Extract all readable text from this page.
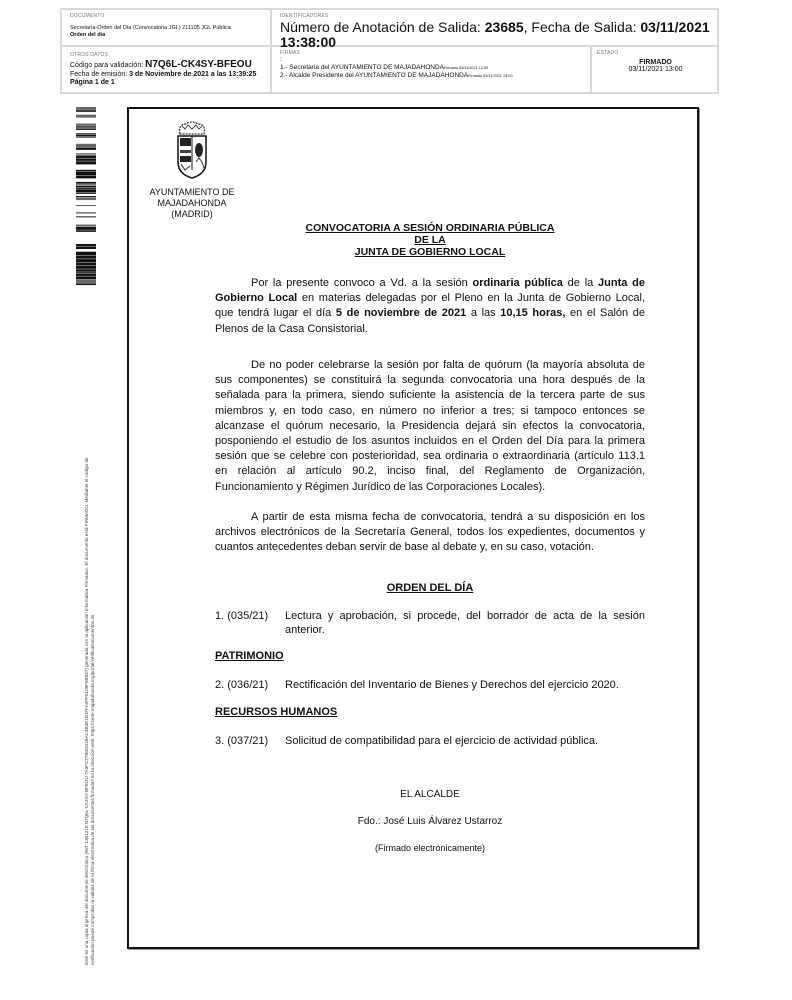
DOCUMENTO
Secretaría-Orden del Día (Convocatoria JGL) 211105 JGL Pública
Orden del día
IDENTIFICADORES
Número de Anotación de Salida: 23685, Fecha de Salida: 03/11/2021
13:38:00
OTROS DATOS
Código para validación: N7Q6L-CK4SY-BFEOU
Fecha de emisión: 3 de Noviembre de 2021 a las 13:39:25
Página 1 de 1
FIRMAS
:
1.- Secretaria del AYUNTAMIENTO DE MAJADAHONDAFirmado 03/11/2021 12:59
2.- Alcalde Presidente del AYUNTAMIENTO DE MAJADAHONDAFirmado 03/11/2021 13:00
ESTADO
FIRMADO
03/11/2021 13:00
Este es una copia impresa del documento electrónico (Ref: 1361215 N7Q6L-CK4SY-BFEOU 7A9FC77B0D31BAC4B3E1B1FFA4FF6109F6B837) generada con la aplicación informática Firmadoc. El documento está FIRMADO. Mediante el código de verificación puede comprobar la validez de la firma electrónica de los documentos firmados en la dirección web: https://sede.majadahonda.org/portal/verificaDocumentos.do
AYUNTAMIENTO DE
MAJADAHONDA
(MADRID)
CONVOCATORIA A SESIÓN ORDINARIA PÚBLICA
DE LA
JUNTA DE GOBIERNO LOCAL
Por la presente convoco a Vd. a la sesión ordinaria pública de la Junta de Gobierno Local en materias delegadas por el Pleno en la Junta de Gobierno Local, que tendrá lugar el día 5 de noviembre de 2021 a las 10,15 horas, en el Salón de Plenos de la Casa Consistorial.
De no poder celebrarse la sesión por falta de quórum (la mayoría absoluta de sus componentes) se constituirá la segunda convocatoria una hora después de la señalada para la primera, siendo suficiente la asistencia de la tercera parte de sus miembros y, en todo caso, en número no inferior a tres; si tampoco entonces se alcanzase el quórum necesario, la Presidencia dejará sin efectos la convocatoria, posponiendo el estudio de los asuntos incluidos en el Orden del Día para la primera sesión que se celebre con posterioridad, sea ordinaria o extraordinaria (artículo 113.1 en relación al artículo 90.2, inciso final, del Reglamento de Organización, Funcionamiento y Régimen Jurídico de las Corporaciones Locales).
A partir de esta misma fecha de convocatoria, tendrá a su disposición en los archivos electrónicos de la Secretaría General, todos los expedientes, documentos y cuantos antecedentes deban servir de base al debate y, en su caso, votación.
ORDEN DEL DÍA
1. (035/21)	Lectura y aprobación, si procede, del borrador de acta de la sesión anterior.
PATRIMONIO
2. (036/21)	Rectificación del Inventario de Bienes y Derechos del ejercicio 2020.
RECURSOS HUMANOS
3. (037/21)	Solicitud de compatibilidad para el ejercicio de actividad pública.
EL ALCALDE
Fdo.: José Luis Álvarez Ustarroz
(Firmado electrónicamente)
